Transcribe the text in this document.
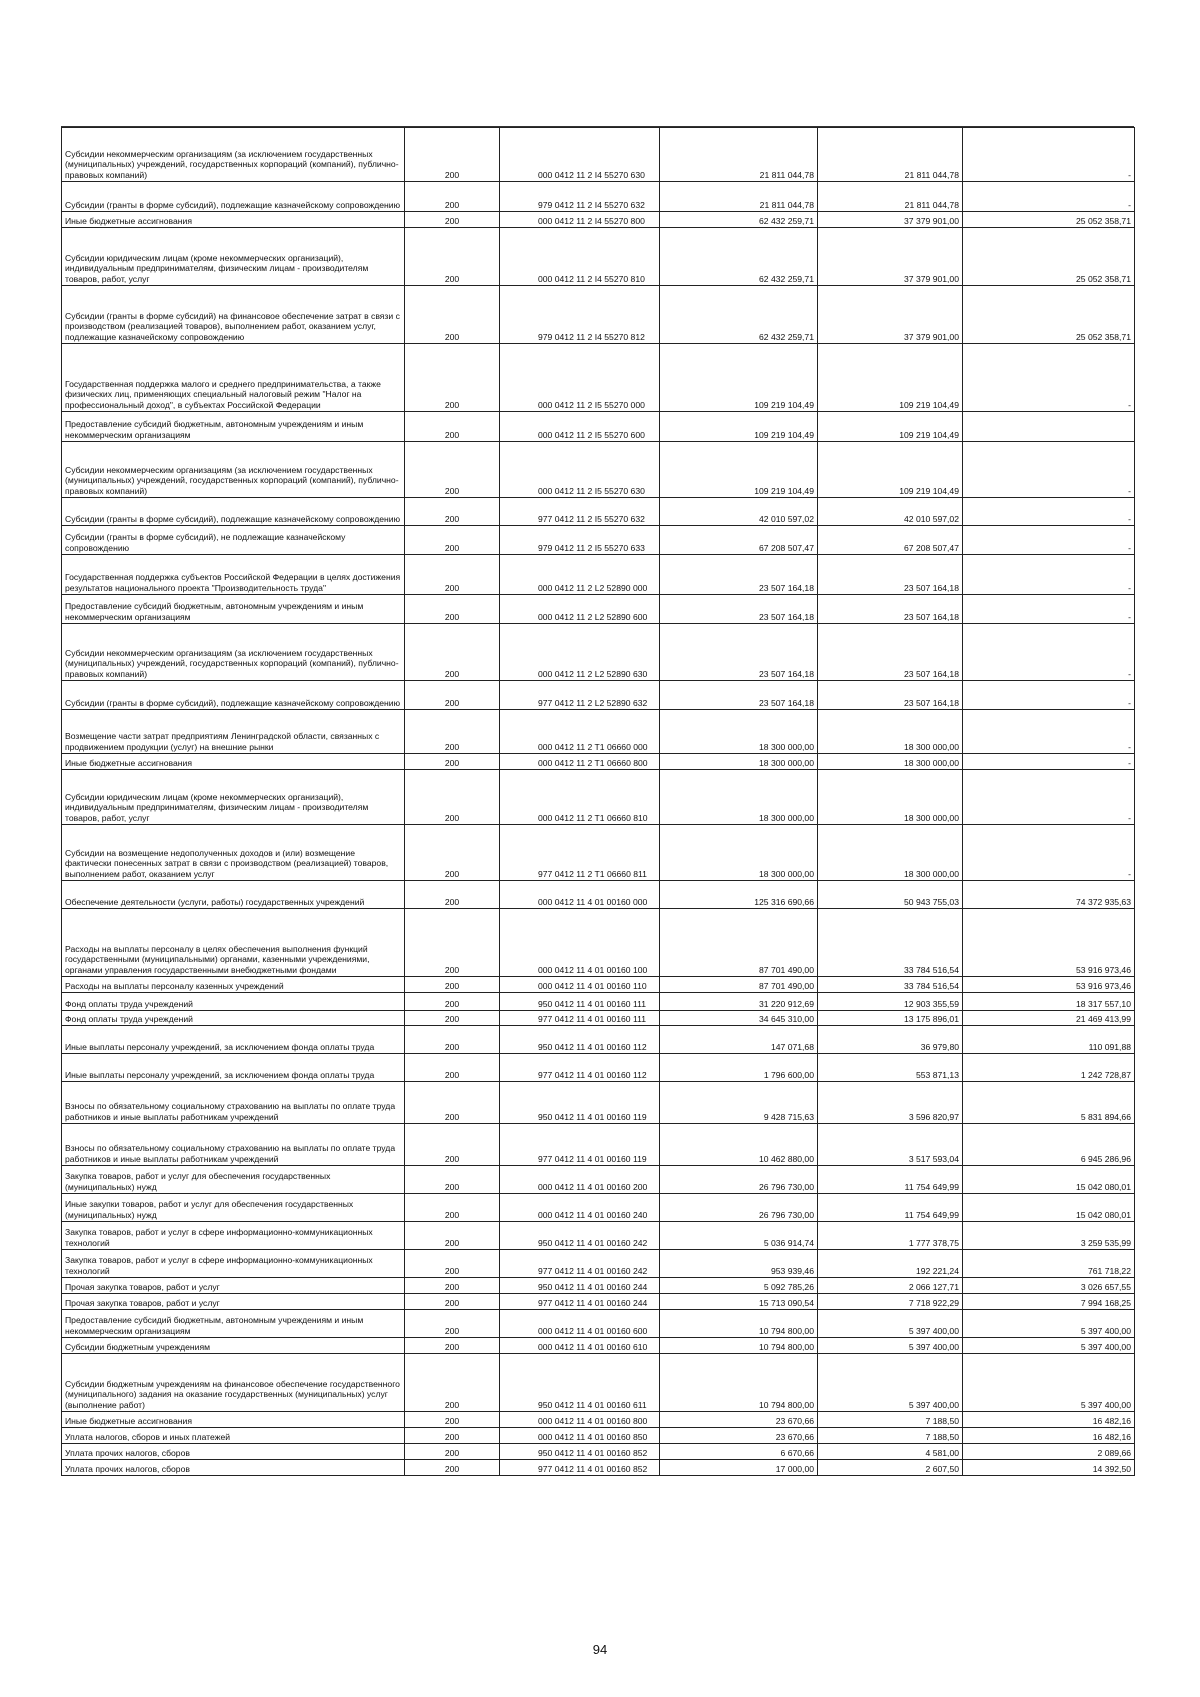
Субсидии некоммерческим организациям (за исключением государственных (муниципальных) учреждений, государственных корпораций (компаний), публично-правовых компаний)	200	000 0412 11 2 I4 55270 630	21 811 044,78	21 811 044,78	-
Субсидии (гранты в форме субсидий), подлежащие казначейскому сопровождению	200	979 0412 11 2 I4 55270 632	21 811 044,78	21 811 044,78	-
Иные бюджетные ассигнования	200	000 0412 11 2 I4 55270 800	62 432 259,71	37 379 901,00	25 052 358,71
Субсидии юридическим лицам (кроме некоммерческих организаций), индивидуальным предпринимателям, физическим лицам - производителям товаров, работ, услуг	200	000 0412 11 2 I4 55270 810	62 432 259,71	37 379 901,00	25 052 358,71
Субсидии (гранты в форме субсидий) на финансовое обеспечение затрат в связи с производством (реализацией товаров), выполнением работ, оказанием услуг, подлежащие казначейскому сопровождению	200	979 0412 11 2 I4 55270 812	62 432 259,71	37 379 901,00	25 052 358,71
Государственная поддержка малого и среднего предпринимательства, а также физических лиц, применяющих специальный налоговый режим "Налог на профессиональный доход", в субъектах Российской Федерации	200	000 0412 11 2 I5 55270 000	109 219 104,49	109 219 104,49	-
Предоставление субсидий бюджетным, автономным учреждениям и иным некоммерческим организациям	200	000 0412 11 2 I5 55270 600	109 219 104,49	109 219 104,49	
Субсидии некоммерческим организациям (за исключением государственных (муниципальных) учреждений, государственных корпораций (компаний), публично-правовых компаний)	200	000 0412 11 2 I5 55270 630	109 219 104,49	109 219 104,49	-
Субсидии (гранты в форме субсидий), подлежащие казначейскому сопровождению	200	977 0412 11 2 I5 55270 632	42 010 597,02	42 010 597,02	-
Субсидии (гранты в форме субсидий), не подлежащие казначейскому сопровождению	200	979 0412 11 2 I5 55270 633	67 208 507,47	67 208 507,47	-
Государственная поддержка субъектов Российской Федерации в целях достижения результатов национального проекта "Производительность труда"	200	000 0412 11 2 L2 52890 000	23 507 164,18	23 507 164,18	-
Предоставление субсидий бюджетным, автономным учреждениям и иным некоммерческим организациям	200	000 0412 11 2 L2 52890 600	23 507 164,18	23 507 164,18	-
Субсидии некоммерческим организациям (за исключением государственных (муниципальных) учреждений, государственных корпораций (компаний), публично-правовых компаний)	200	000 0412 11 2 L2 52890 630	23 507 164,18	23 507 164,18	-
Субсидии (гранты в форме субсидий), подлежащие казначейскому сопровождению	200	977 0412 11 2 L2 52890 632	23 507 164,18	23 507 164,18	-
Возмещение части затрат предприятиям Ленинградской области, связанных с продвижением продукции (услуг) на внешние рынки	200	000 0412 11 2 T1 06660 000	18 300 000,00	18 300 000,00	-
Иные бюджетные ассигнования	200	000 0412 11 2 T1 06660 800	18 300 000,00	18 300 000,00	-
Субсидии юридическим лицам (кроме некоммерческих организаций), индивидуальным предпринимателям, физическим лицам - производителям товаров, работ, услуг	200	000 0412 11 2 T1 06660 810	18 300 000,00	18 300 000,00	-
Субсидии на возмещение недополученных доходов и (или) возмещение фактически понесенных затрат в связи с производством (реализацией) товаров, выполнением работ, оказанием услуг	200	977 0412 11 2 T1 06660 811	18 300 000,00	18 300 000,00	-
Обеспечение деятельности (услуги, работы) государственных учреждений	200	000 0412 11 4 01 00160 000	125 316 690,66	50 943 755,03	74 372 935,63
Расходы на выплаты персоналу в целях обеспечения выполнения функций государственными (муниципальными) органами, казенными учреждениями, органами управления государственными внебюджетными фондами	200	000 0412 11 4 01 00160 100	87 701 490,00	33 784 516,54	53 916 973,46
Расходы на выплаты персоналу казенных учреждений	200	000 0412 11 4 01 00160 110	87 701 490,00	33 784 516,54	53 916 973,46
Фонд оплаты труда учреждений	200	950 0412 11 4 01 00160 111	31 220 912,69	12 903 355,59	18 317 557,10
Фонд оплаты труда учреждений	200	977 0412 11 4 01 00160 111	34 645 310,00	13 175 896,01	21 469 413,99
Иные выплаты персоналу учреждений, за исключением фонда оплаты труда	200	950 0412 11 4 01 00160 112	147 071,68	36 979,80	110 091,88
Иные выплаты персоналу учреждений, за исключением фонда оплаты труда	200	977 0412 11 4 01 00160 112	1 796 600,00	553 871,13	1 242 728,87
Взносы по обязательному социальному страхованию на выплаты по оплате труда работников и иные выплаты работникам учреждений	200	950 0412 11 4 01 00160 119	9 428 715,63	3 596 820,97	5 831 894,66
Взносы по обязательному социальному страхованию на выплаты по оплате труда работников и иные выплаты работникам учреждений	200	977 0412 11 4 01 00160 119	10 462 880,00	3 517 593,04	6 945 286,96
Закупка товаров, работ и услуг для обеспечения государственных (муниципальных) нужд	200	000 0412 11 4 01 00160 200	26 796 730,00	11 754 649,99	15 042 080,01
Иные закупки товаров, работ и услуг для обеспечения государственных (муниципальных) нужд	200	000 0412 11 4 01 00160 240	26 796 730,00	11 754 649,99	15 042 080,01
Закупка товаров, работ и услуг в сфере информационно-коммуникационных технологий	200	950 0412 11 4 01 00160 242	5 036 914,74	1 777 378,75	3 259 535,99
Закупка товаров, работ и услуг в сфере информационно-коммуникационных технологий	200	977 0412 11 4 01 00160 242	953 939,46	192 221,24	761 718,22
Прочая закупка товаров, работ и услуг	200	950 0412 11 4 01 00160 244	5 092 785,26	2 066 127,71	3 026 657,55
Прочая закупка товаров, работ и услуг	200	977 0412 11 4 01 00160 244	15 713 090,54	7 718 922,29	7 994 168,25
Предоставление субсидий бюджетным, автономным учреждениям и иным некоммерческим организациям	200	000 0412 11 4 01 00160 600	10 794 800,00	5 397 400,00	5 397 400,00
Субсидии бюджетным учреждениям	200	000 0412 11 4 01 00160 610	10 794 800,00	5 397 400,00	5 397 400,00
Субсидии бюджетным учреждениям на финансовое обеспечение государственного (муниципального) задания на оказание государственных (муниципальных) услуг (выполнение работ)	200	950 0412 11 4 01 00160 611	10 794 800,00	5 397 400,00	5 397 400,00
Иные бюджетные ассигнования	200	000 0412 11 4 01 00160 800	23 670,66	7 188,50	16 482,16
Уплата налогов, сборов и иных платежей	200	000 0412 11 4 01 00160 850	23 670,66	7 188,50	16 482,16
Уплата прочих налогов, сборов	200	950 0412 11 4 01 00160 852	6 670,66	4 581,00	2 089,66
Уплата прочих налогов, сборов	200	977 0412 11 4 01 00160 852	17 000,00	2 607,50	14 392,50
94
